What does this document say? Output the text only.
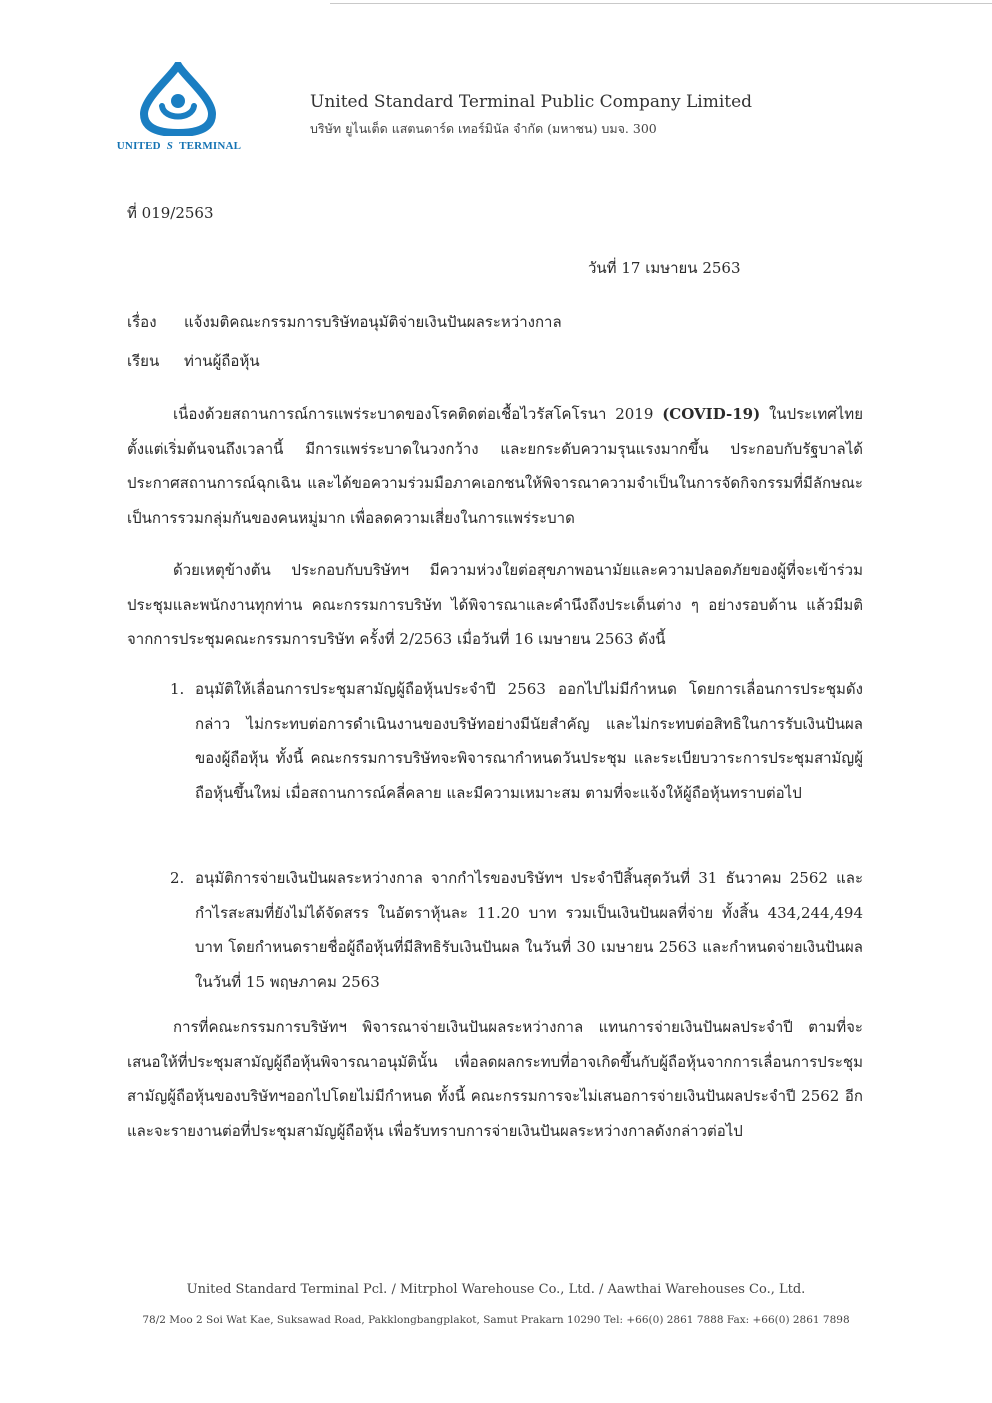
UNITED S TERMINAL
United Standard Terminal Public Company Limited
บริษัท ยูไนเต็ด แสตนดาร์ด เทอร์มินัล จำกัด (มหาชน) บมจ. 300
ที่ 019/2563
วันที่ 17 เมษายน 2563
เรื่อง แจ้งมติคณะกรรมการบริษัทอนุมัติจ่ายเงินปันผลระหว่างกาล
เรียน ท่านผู้ถือหุ้น
เนื่องด้วยสถานการณ์การแพร่ระบาดของโรคติดต่อเชื้อไวรัสโคโรนา 2019 (COVID-19) ในประเทศไทยตั้งแต่เริ่มต้นจนถึงเวลานี้ มีการแพร่ระบาดในวงกว้าง และยกระดับความรุนแรงมากขึ้น ประกอบกับรัฐบาลได้ประกาศสถานการณ์ฉุกเฉิน และได้ขอความร่วมมือภาคเอกชนให้พิจารณาความจำเป็นในการจัดกิจกรรมที่มีลักษณะเป็นการรวมกลุ่มกันของคนหมู่มาก เพื่อลดความเสี่ยงในการแพร่ระบาด
ด้วยเหตุข้างต้น ประกอบกับบริษัทฯ มีความห่วงใยต่อสุขภาพอนามัยและความปลอดภัยของผู้ที่จะเข้าร่วมประชุมและพนักงานทุกท่าน คณะกรรมการบริษัท ได้พิจารณาและคำนึงถึงประเด็นต่าง ๆ อย่างรอบด้าน แล้วมีมติจากการประชุมคณะกรรมการบริษัท ครั้งที่ 2/2563 เมื่อวันที่ 16 เมษายน 2563 ดังนี้
1. อนุมัติให้เลื่อนการประชุมสามัญผู้ถือหุ้นประจำปี 2563 ออกไปไม่มีกำหนด โดยการเลื่อนการประชุมดังกล่าว ไม่กระทบต่อการดำเนินงานของบริษัทอย่างมีนัยสำคัญ และไม่กระทบต่อสิทธิในการรับเงินปันผลของผู้ถือหุ้น ทั้งนี้ คณะกรรมการบริษัทจะพิจารณากำหนดวันประชุม และระเบียบวาระการประชุมสามัญผู้ถือหุ้นขึ้นใหม่ เมื่อสถานการณ์คลี่คลาย และมีความเหมาะสม ตามที่จะแจ้งให้ผู้ถือหุ้นทราบต่อไป
2. อนุมัติการจ่ายเงินปันผลระหว่างกาล จากกำไรของบริษัทฯ ประจำปีสิ้นสุดวันที่ 31 ธันวาคม 2562 และกำไรสะสมที่ยังไม่ได้จัดสรร ในอัตราหุ้นละ 11.20 บาท รวมเป็นเงินปันผลที่จ่าย ทั้งสิ้น 434,244,494 บาท โดยกำหนดรายชื่อผู้ถือหุ้นที่มีสิทธิรับเงินปันผล ในวันที่ 30 เมษายน 2563 และกำหนดจ่ายเงินปันผลในวันที่ 15 พฤษภาคม 2563
การที่คณะกรรมการบริษัทฯ พิจารณาจ่ายเงินปันผลระหว่างกาล แทนการจ่ายเงินปันผลประจำปี ตามที่จะเสนอให้ที่ประชุมสามัญผู้ถือหุ้นพิจารณาอนุมัตินั้น เพื่อลดผลกระทบที่อาจเกิดขึ้นกับผู้ถือหุ้นจากการเลื่อนการประชุมสามัญผู้ถือหุ้นของบริษัทฯออกไปโดยไม่มีกำหนด ทั้งนี้ คณะกรรมการจะไม่เสนอการจ่ายเงินปันผลประจำปี 2562 อีก และจะรายงานต่อที่ประชุมสามัญผู้ถือหุ้น เพื่อรับทราบการจ่ายเงินปันผลระหว่างกาลดังกล่าวต่อไป
United Standard Terminal Pcl. / Mitrphol Warehouse Co., Ltd. / Aawthai Warehouses Co., Ltd.
78/2 Moo 2 Soi Wat Kae, Suksawad Road, Pakklongbangplakot, Samut Prakarn 10290 Tel: +66(0) 2861 7888 Fax: +66(0) 2861 7898
